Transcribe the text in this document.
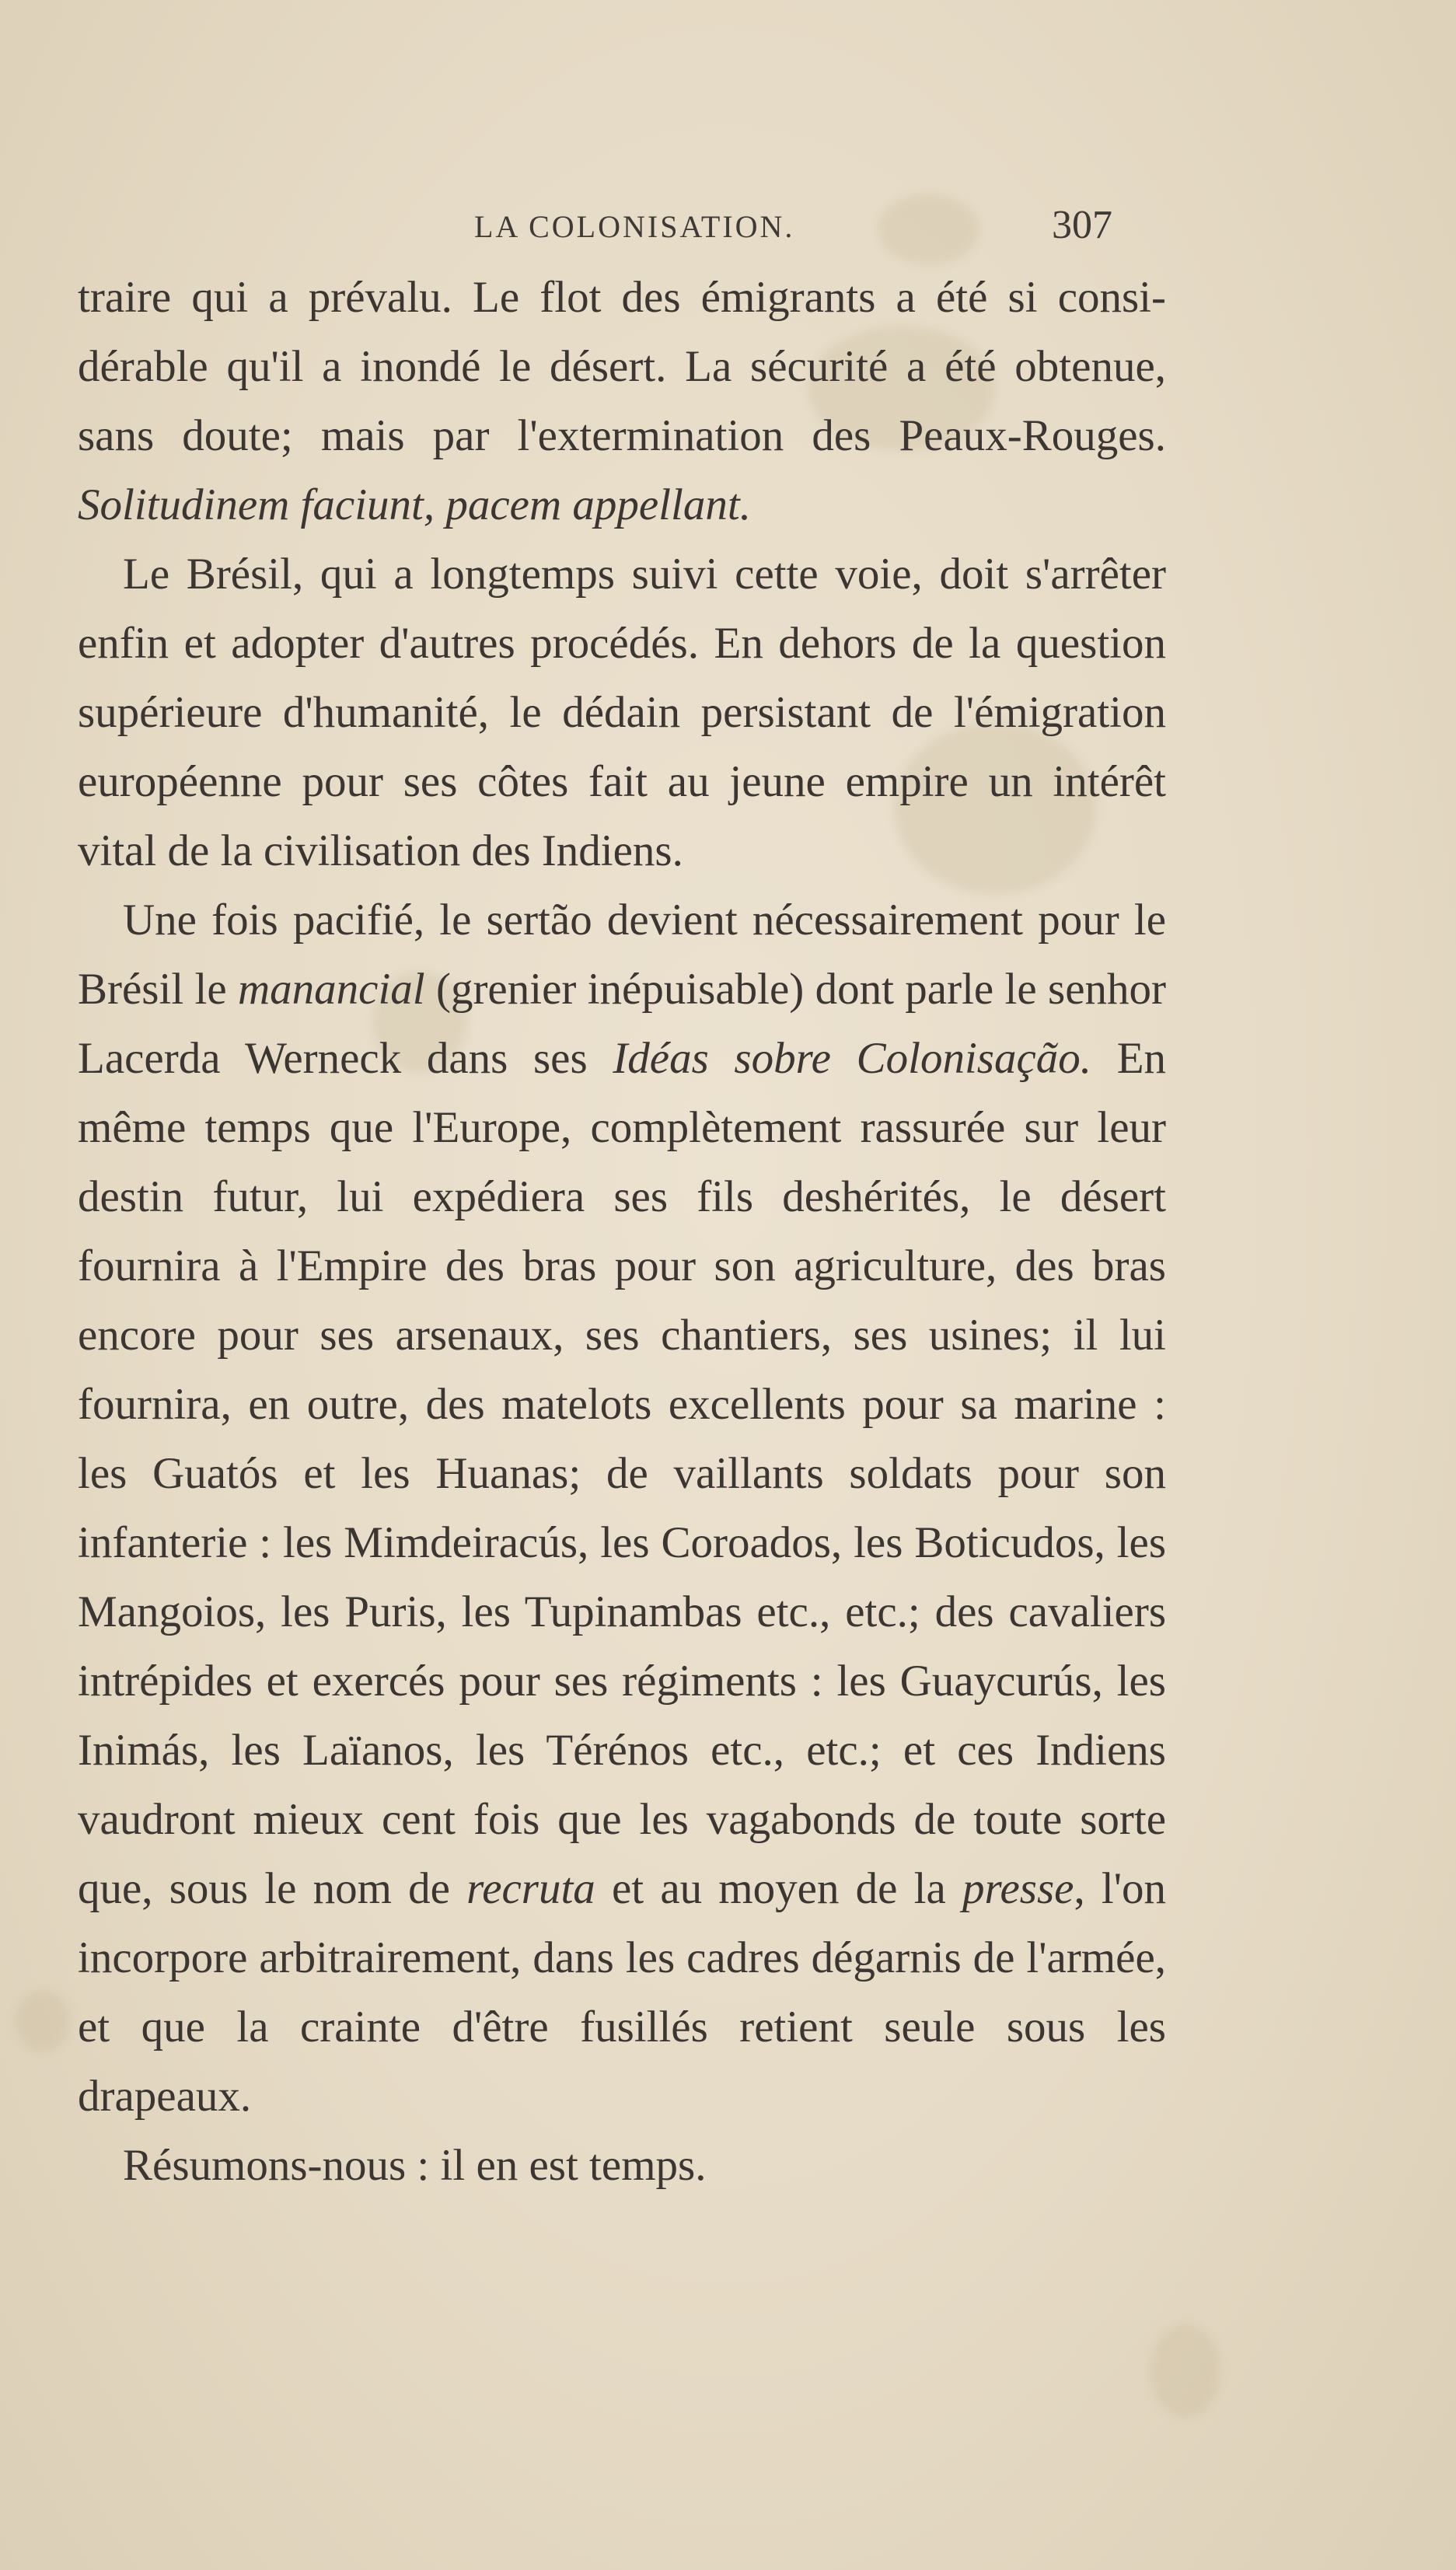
LA COLONISATION.	307

traire qui a prévalu. Le flot des émigrants a été si considérable qu'il a inondé le désert. La sécurité a été obtenue, sans doute; mais par l'extermination des Peaux-Rouges. Solitudinem faciunt, pacem appellant.

Le Brésil, qui a longtemps suivi cette voie, doit s'arrêter enfin et adopter d'autres procédés. En dehors de la question supérieure d'humanité, le dédain persistant de l'émigration européenne pour ses côtes fait au jeune empire un intérêt vital de la civilisation des Indiens.

Une fois pacifié, le sertão devient nécessairement pour le Brésil le manancial (grenier inépuisable) dont parle le senhor Lacerda Werneck dans ses Idéas sobre Colonisação. En même temps que l'Europe, complètement rassurée sur leur destin futur, lui expédiera ses fils deshérités, le désert fournira à l'Empire des bras pour son agriculture, des bras encore pour ses arsenaux, ses chantiers, ses usines; il lui fournira, en outre, des matelots excellents pour sa marine : les Guatós et les Huanas; de vaillants soldats pour son infanterie : les Mimdeiracús, les Coroados, les Boticudos, les Mangoios, les Puris, les Tupinambas etc., etc.; des cavaliers intrépides et exercés pour ses régiments : les Guaycurús, les Inimás, les Laïanos, les Térénos etc., etc.; et ces Indiens vaudront mieux cent fois que les vagabonds de toute sorte que, sous le nom de recruta et au moyen de la presse, l'on incorpore arbitrairement, dans les cadres dégarnis de l'armée, et que la crainte d'être fusillés retient seule sous les drapeaux.

Résumons-nous : il en est temps.
